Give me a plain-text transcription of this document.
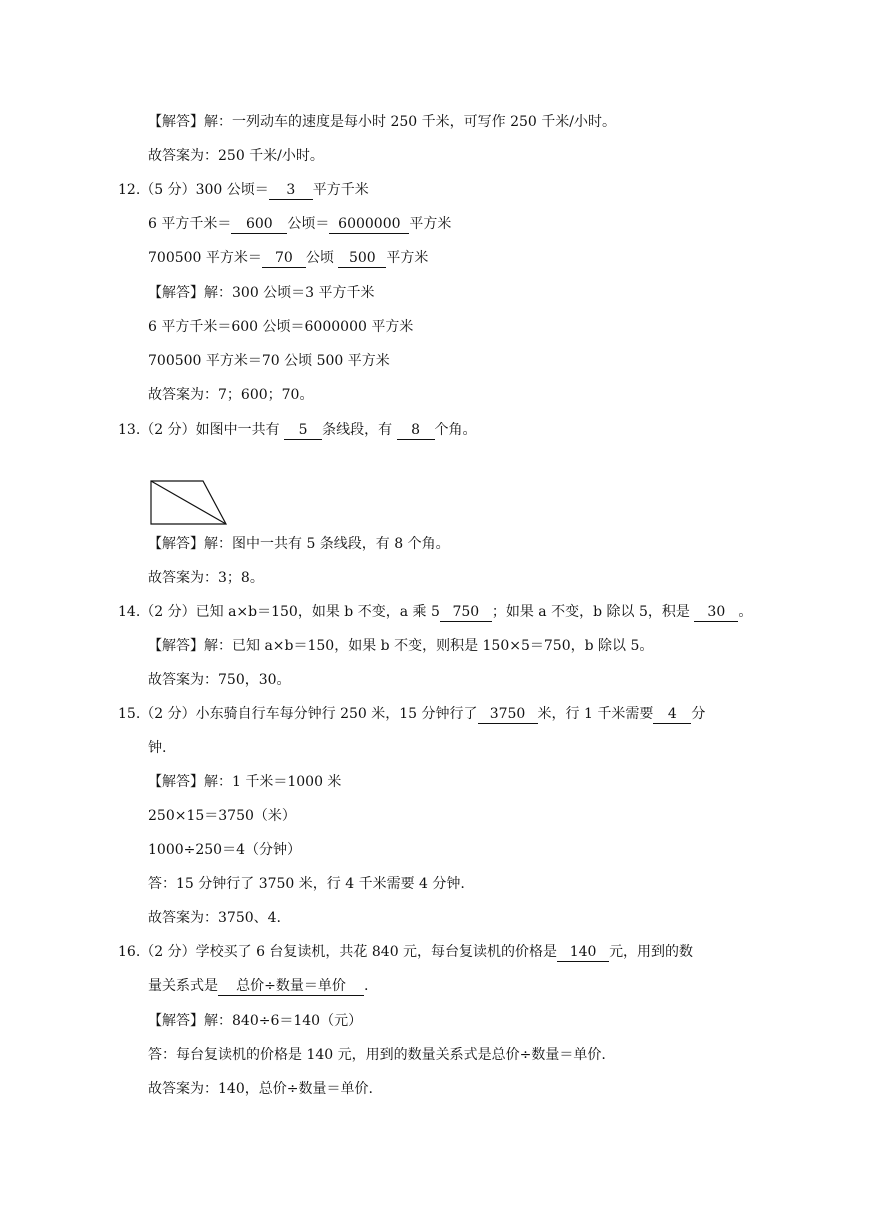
【解答】解：一列动车的速度是每小时 250 千米，可写作 250 千米/小时。
故答案为：250 千米/小时。
12.（5 分）300 公顷＝ 3 平方千米
6 平方千米＝ 600 公顷＝ 6000000 平方米
700500 平方米＝ 70 公顷 500 平方米
【解答】解：300 公顷＝3 平方千米
6 平方千米＝600 公顷＝6000000 平方米
700500 平方米＝70 公顷 500 平方米
故答案为：7；600；70。
13.（2 分）如图中一共有 5 条线段，有 8 个角。
【解答】解：图中一共有 5 条线段，有 8 个角。
故答案为：3；8。
14.（2 分）已知 a×b＝150，如果 b 不变，a 乘 5 750 ；如果 a 不变，b 除以 5，积是 30 。
【解答】解：已知 a×b＝150，如果 b 不变，则积是 150×5＝750，b 除以 5。
故答案为：750，30。
15.（2 分）小东骑自行车每分钟行 250 米，15 分钟行了 3750 米，行 1 千米需要 4 分
钟.
【解答】解：1 千米＝1000 米
250×15＝3750（米）
1000÷250＝4（分钟）
答：15 分钟行了 3750 米，行 4 千米需要 4 分钟.
故答案为：3750、4.
16.（2 分）学校买了 6 台复读机，共花 840 元，每台复读机的价格是 140 元，用到的数
量关系式是 总价÷数量＝单价 .
【解答】解：840÷6＝140（元）
答：每台复读机的价格是 140 元，用到的数量关系式是总价÷数量＝单价.
故答案为：140，总价÷数量＝单价.
